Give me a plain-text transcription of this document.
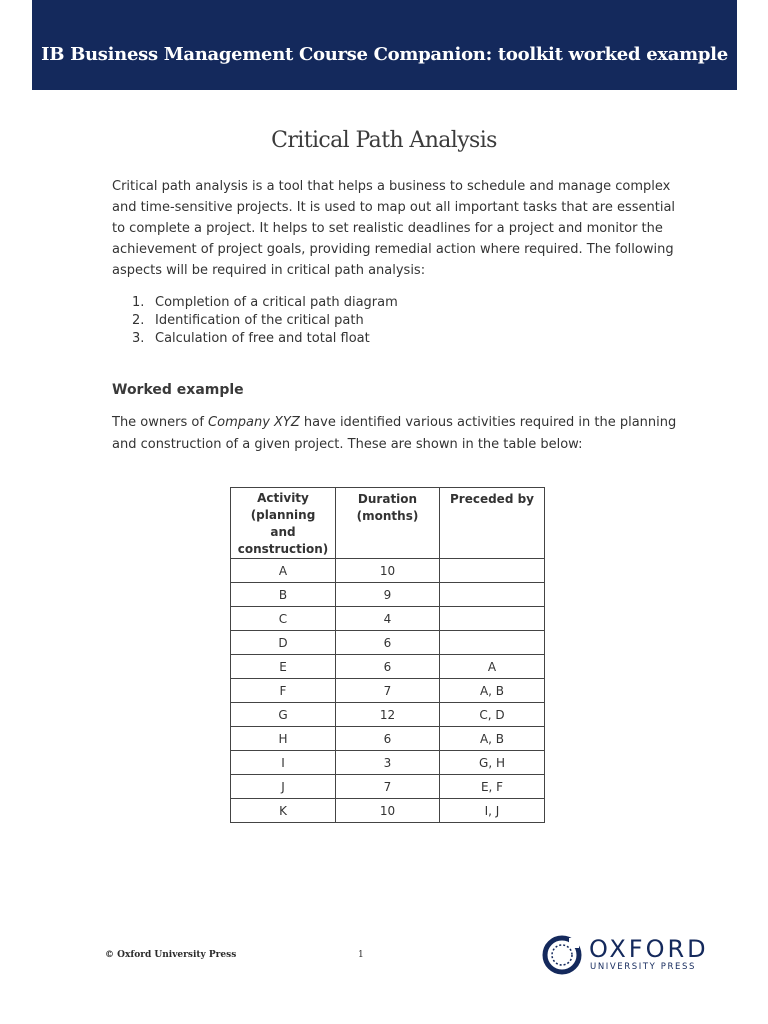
IB Business Management Course Companion: toolkit worked example
Critical Path Analysis

Critical path analysis is a tool that helps a business to schedule and manage complex and time-sensitive projects. It is used to map out all important tasks that are essential to complete a project. It helps to set realistic deadlines for a project and monitor the achievement of project goals, providing remedial action where required. The following aspects will be required in critical path analysis:

1. Completion of a critical path diagram
2. Identification of the critical path
3. Calculation of free and total float
Worked example

The owners of Company XYZ have identified various activities required in the planning and construction of a given project. These are shown in the table below:

Activity (planning and construction)	Duration (months)	Preceded by
A	10	
B	9	
C	4	
D	6	
E	6	A
F	7	A, B
G	12	C, D
H	6	A, B
I	3	G, H
J	7	E, F
K	10	I, J
© Oxford University Press	1	OXFORD
UNIVERSITY PRESS
